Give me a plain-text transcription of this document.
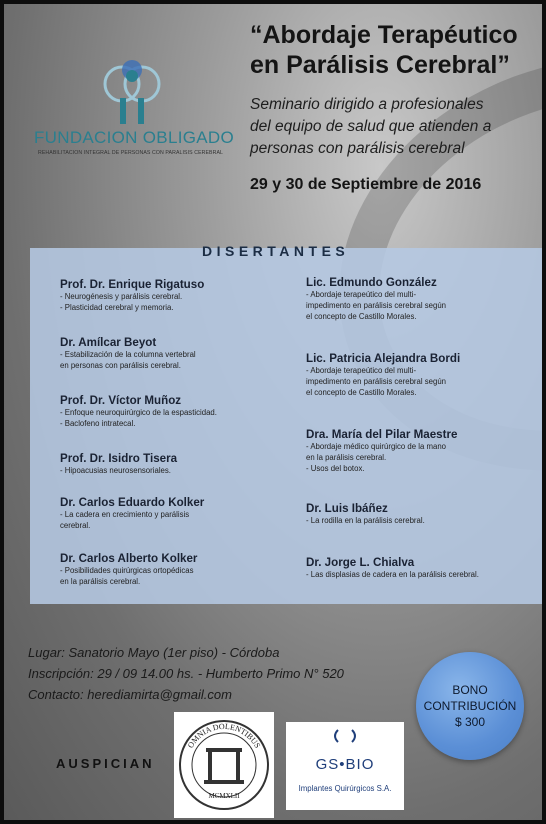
FUNDACION OBLIGADO
REHABILITACION INTEGRAL DE PERSONAS CON PARALISIS CEREBRAL
“Abordaje Terapéutico
en Parálisis Cerebral”
Seminario dirigido a profesionales
del equipo de salud que atienden a
personas con parálisis cerebral
29 y 30 de Septiembre de 2016
DISERTANTES
Prof. Dr. Enrique Rigatuso
- Neurogénesis y parálisis cerebral.
- Plasticidad cerebral y memoria.
Dr. Amílcar Beyot
- Estabilización de la columna vertebral
en personas con parálisis cerebral.
Prof. Dr. Víctor Muñoz
- Enfoque neuroquirúrgico de la espasticidad.
- Baclofeno intratecal.
Prof. Dr. Isidro Tisera
- Hipoacusias neurosensoriales.
Dr. Carlos Eduardo Kolker
- La cadera en crecimiento y parálisis
cerebral.
Dr. Carlos Alberto Kolker
- Posibilidades quirúrgicas ortopédicas
en la parálisis cerebral.
Lic. Edmundo González
- Abordaje terapeútico del multi-
impedimento en parálisis cerebral según
el concepto de Castillo Morales.
Lic. Patricia Alejandra Bordi
- Abordaje terapeútico del multi-
impedimento en parálisis cerebral según
el concepto de Castillo Morales.
Dra. María del Pilar Maestre
- Abordaje médico quirúrgico de la mano
en la parálisis cerebral.
- Usos del botox.
Dr. Luis Ibáñez
- La rodilla en la parálisis cerebral.
Dr. Jorge L. Chialva
- Las displasias de cadera en la parálisis cerebral.
Lugar: Sanatorio Mayo (1er piso) - Córdoba
Inscripción: 29 / 09 14.00 hs. - Humberto Primo N° 520
Contacto: herediamirta@gmail.com	BONO
CONTRIBUCIÓN
$ 300
AUSPICIAN
OMNIA DOLENTIBUS
MCMXLII
GS•BIO
Implantes Quirúrgicos S.A.
